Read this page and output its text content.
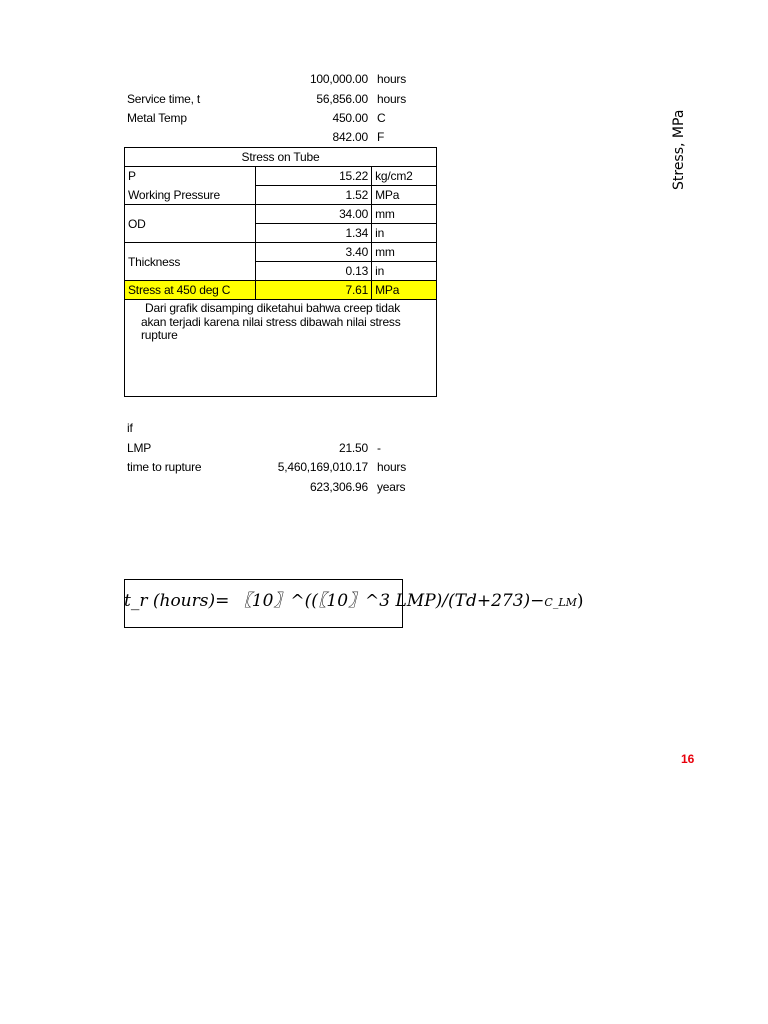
100,000.00 hours
Service time, t	56,856.00 hours
Metal Temp	450.00 C
842.00 F
Stress on Tube		
P	15.22	kg/cm2
Working Pressure	1.52	MPa
OD	34.00	mm
	1.34	in
Thickness	3.40	mm
	0.13	in
Stress at 450 deg C	7.61	MPa

Dari grafik disamping diketahui bahwa creep tidak
akan terjadi karena nilai stress dibawah nilai stress
rupture		
if
LMP	21.50 -
time to rupture	5,460,169,010.17 hours
623,306.96 years
t_r (hours)= 〖10〗^((〖10〗^3 LMP)/(Td+273)−C_LM)
Stress, MPa
16
